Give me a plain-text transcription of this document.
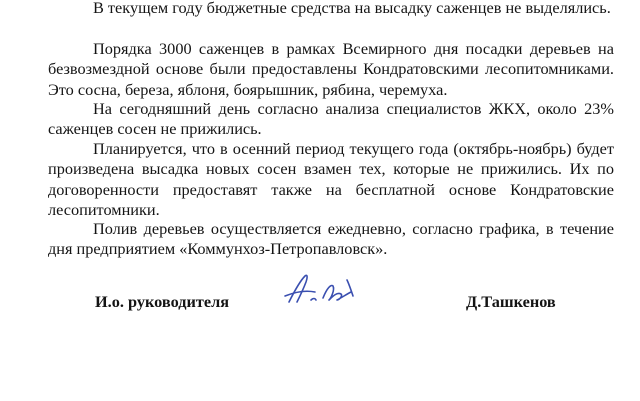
В текущем году бюджетные средства на высадку саженцев не выделялись.

Порядка 3000 саженцев в рамках Всемирного дня посадки деревьев на безвозмездной основе были предоставлены Кондратовскими лесопитомниками. Это сосна, береза, яблоня, боярышник, рябина, черемуха.

На сегодняшний день согласно анализа специалистов ЖКХ, около 23% саженцев сосен не прижились.

Планируется, что в осенний период текущего года (октябрь-ноябрь) будет произведена высадка новых сосен взамен тех, которые не прижились. Их по договоренности предоставят также на бесплатной основе Кондратовские лесопитомники.

Полив деревьев осуществляется ежедневно, согласно графика, в течение дня предприятием «Коммунхоз-Петропавловск».

И.о. руководителя	Д.Ташкенов
